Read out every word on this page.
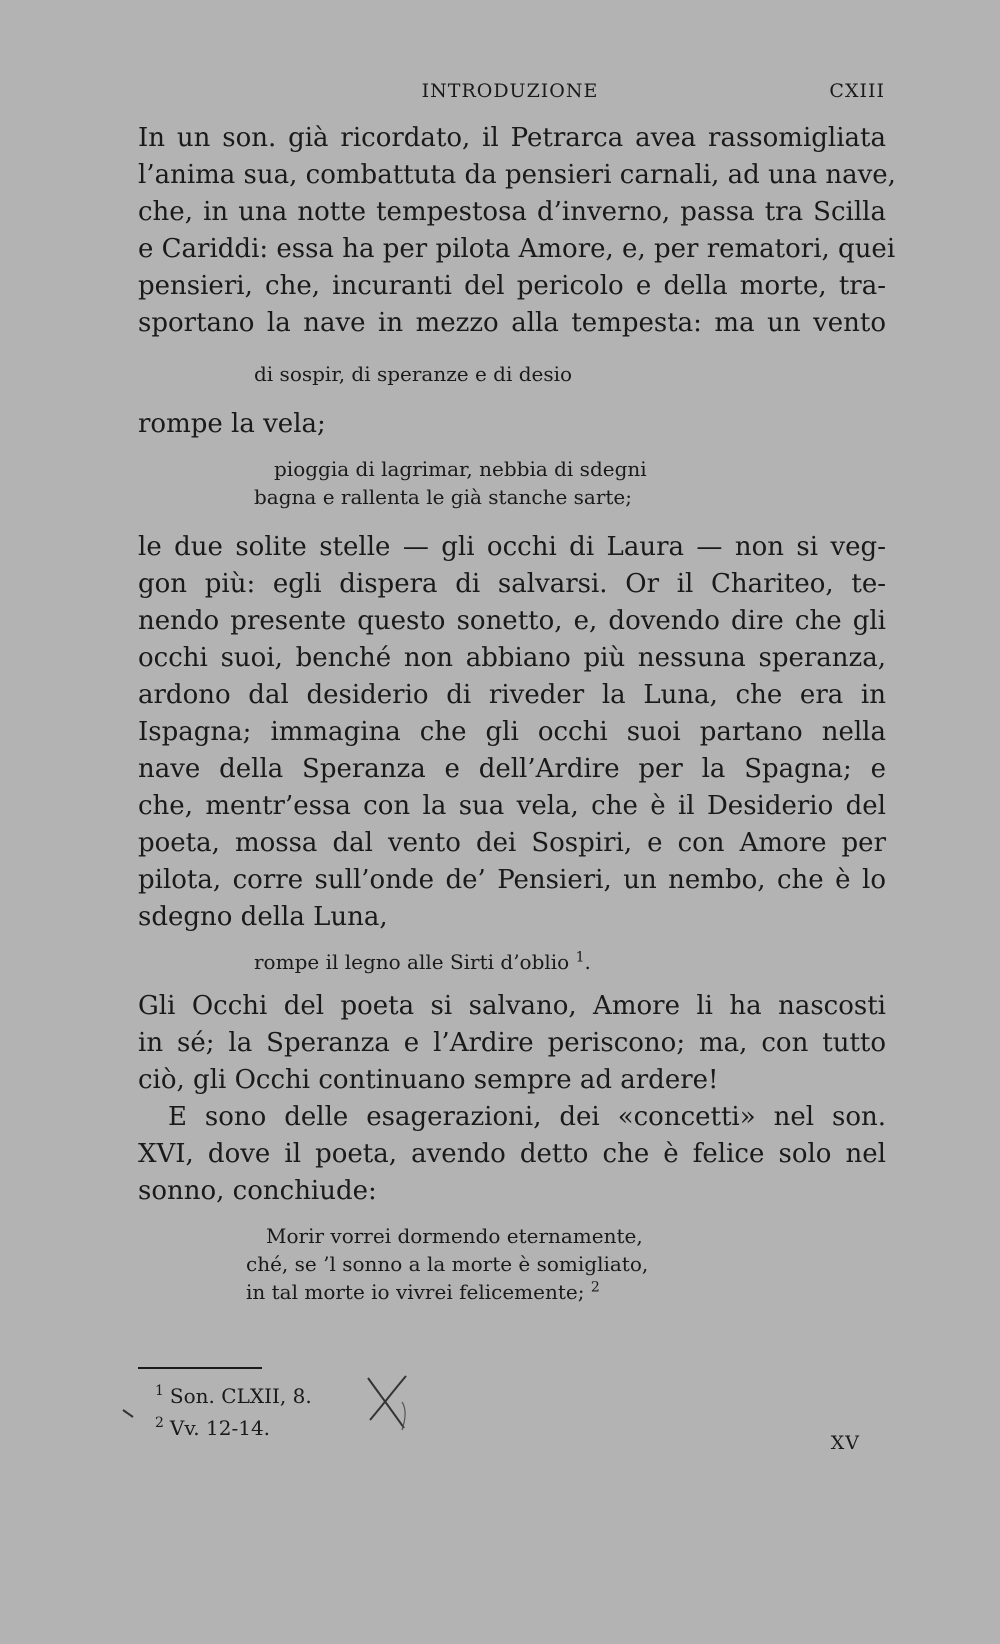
INTRODUZIONE	CXIII
In un son. già ricordato, il Petrarca avea rassomigliata
l’anima sua, combattuta da pensieri carnali, ad una nave,
che, in una notte tempestosa d’inverno, passa tra Scilla
e Cariddi: essa ha per pilota Amore, e, per rematori, quei
pensieri, che, incuranti del pericolo e della morte, tra-
sportano la nave in mezzo alla tempesta: ma un vento
di sospir, di speranze e di desio
rompe la vela;
pioggia di lagrimar, nebbia di sdegni
bagna e rallenta le già stanche sarte;
le due solite stelle — gli occhi di Laura — non si veg-
gon più: egli dispera di salvarsi. Or il Chariteo, te-
nendo presente questo sonetto, e, dovendo dire che gli
occhi suoi, benché non abbiano più nessuna speranza,
ardono dal desiderio di riveder la Luna, che era in
Ispagna; immagina che gli occhi suoi partano nella
nave della Speranza e dell’Ardire per la Spagna; e
che, mentr’essa con la sua vela, che è il Desiderio del
poeta, mossa dal vento dei Sospiri, e con Amore per
pilota, corre sull’onde de’ Pensieri, un nembo, che è lo
sdegno della Luna,
rompe il legno alle Sirti d’oblio $^1$.
Gli Occhi del poeta si salvano, Amore li ha nascosti
in sé; la Speranza e l’Ardire periscono; ma, con tutto
ciò, gli Occhi continuano sempre ad ardere!
E sono delle esagerazioni, dei «concetti» nel son.
XVI, dove il poeta, avendo detto che è felice solo nel
sonno, conchiude:
Morir vorrei dormendo eternamente,
ché, se ’l sonno a la morte è somigliato,
in tal morte io vivrei felicemente; $^2$
$^1$ Son. CLXII, 8.
$^2$ Vv. 12-14.
XV
